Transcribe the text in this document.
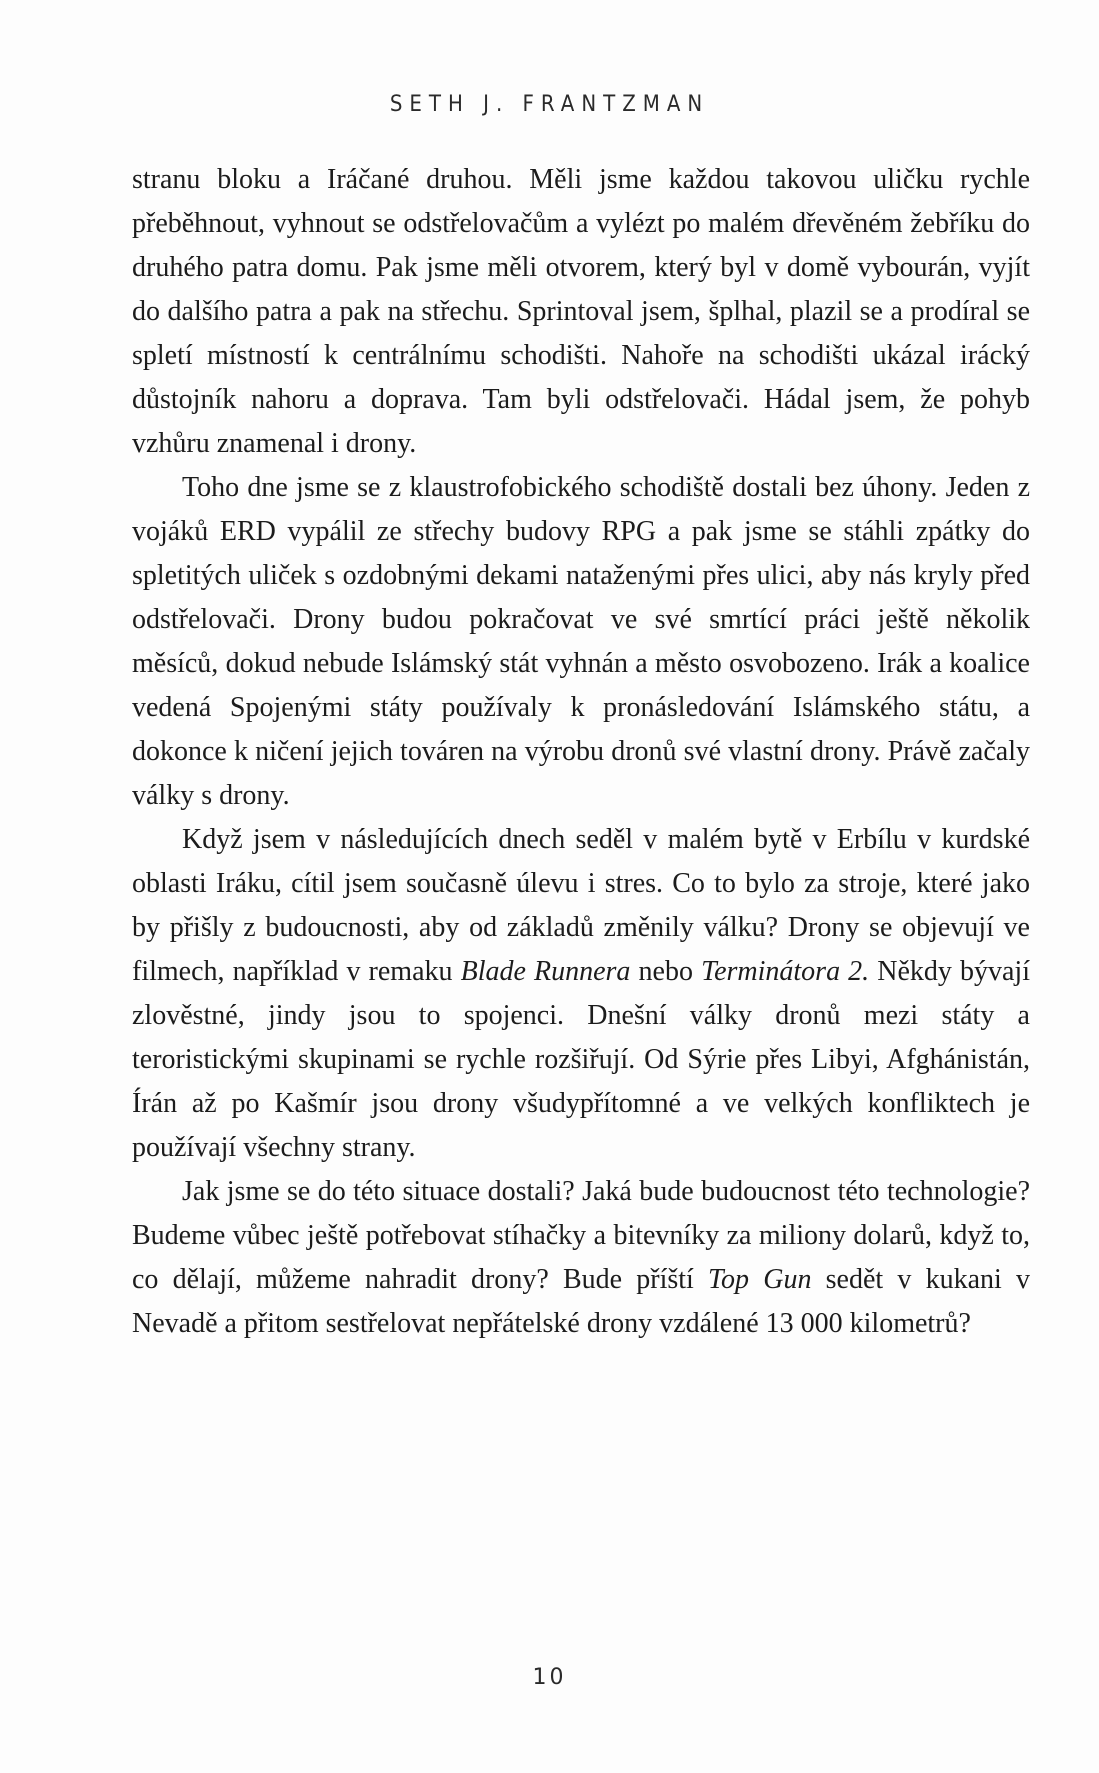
SETH J. FRANTZMAN

stranu bloku a Iráčané druhou. Měli jsme každou takovou uličku rychle přeběhnout, vyhnout se odstřelovačům a vylézt po malém dřevěném žebříku do druhého patra domu. Pak jsme měli otvorem, který byl v domě vybourán, vyjít do dalšího patra a pak na střechu. Sprintoval jsem, šplhal, plazil se a prodíral se spletí místností k centrálnímu schodišti. Nahoře na schodišti ukázal irácký důstojník nahoru a doprava. Tam byli odstřelovači. Hádal jsem, že pohyb vzhůru znamenal i drony.

Toho dne jsme se z klaustrofobického schodiště dostali bez úhony. Jeden z vojáků ERD vypálil ze střechy budovy RPG a pak jsme se stáhli zpátky do spletitých uliček s ozdobnými dekami nataženými přes ulici, aby nás kryly před odstřelovači. Drony budou pokračovat ve své smrtící práci ještě několik měsíců, dokud nebude Islámský stát vyhnán a město osvobozeno. Irák a koalice vedená Spojenými státy používaly k pronásledování Islámského státu, a dokonce k ničení jejich továren na výrobu dronů své vlastní drony. Právě začaly války s drony.

Když jsem v následujících dnech seděl v malém bytě v Erbílu v kurdské oblasti Iráku, cítil jsem současně úlevu i stres. Co to bylo za stroje, které jako by přišly z budoucnosti, aby od základů změnily válku? Drony se objevují ve filmech, například v remaku Blade Runnera nebo Terminátora 2. Někdy bývají zlověstné, jindy jsou to spojenci. Dnešní války dronů mezi státy a teroristickými skupinami se rychle rozšiřují. Od Sýrie přes Libyi, Afghánistán, Írán až po Kašmír jsou drony všudypřítomné a ve velkých konfliktech je používají všechny strany.

Jak jsme se do této situace dostali? Jaká bude budoucnost této technologie? Budeme vůbec ještě potřebovat stíhačky a bitevníky za miliony dolarů, když to, co dělají, můžeme nahradit drony? Bude příští Top Gun sedět v kukani v Nevadě a přitom sestřelovat nepřátelské drony vzdálené 13 000 kilometrů?

10
